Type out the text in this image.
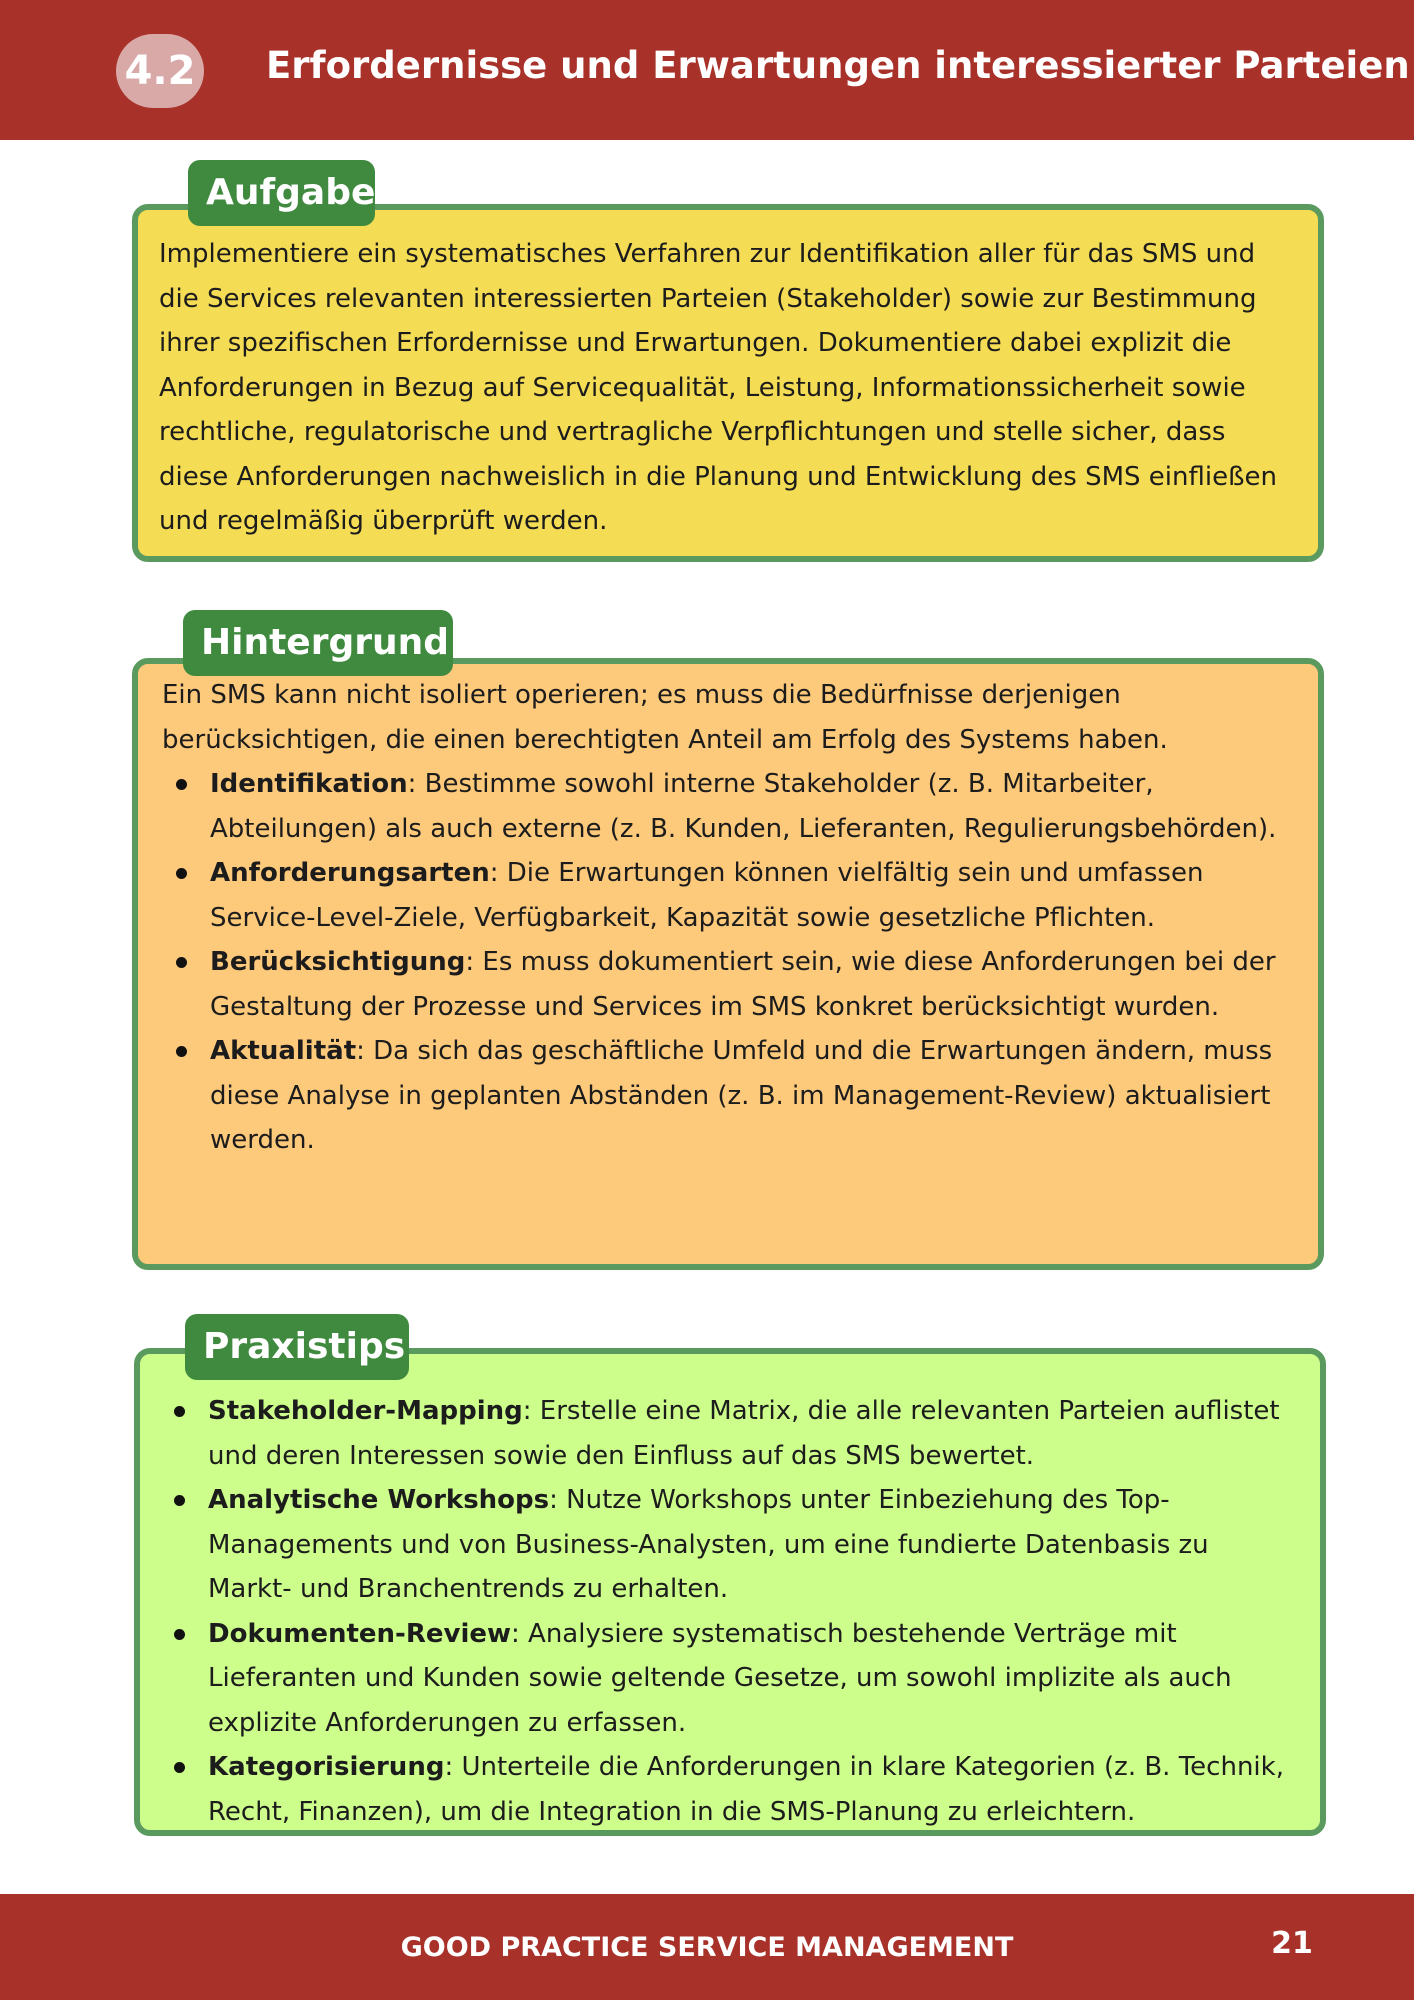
4.2 Erfordernisse und Erwartungen interessierter Parteien
Aufgabe
Implementiere ein systematisches Verfahren zur Identifikation aller für das SMS und die Services relevanten interessierten Parteien (Stakeholder) sowie zur Bestimmung ihrer spezifischen Erfordernisse und Erwartungen. Dokumentiere dabei explizit die Anforderungen in Bezug auf Servicequalität, Leistung, Informationssicherheit sowie rechtliche, regulatorische und vertragliche Verpflichtungen und stelle sicher, dass diese Anforderungen nachweislich in die Planung und Entwicklung des SMS einfließen und regelmäßig überprüft werden.
Hintergrund
Ein SMS kann nicht isoliert operieren; es muss die Bedürfnisse derjenigen berücksichtigen, die einen berechtigten Anteil am Erfolg des Systems haben.
Identifikation: Bestimme sowohl interne Stakeholder (z. B. Mitarbeiter, Abteilungen) als auch externe (z. B. Kunden, Lieferanten, Regulierungsbehörden).
Anforderungsarten: Die Erwartungen können vielfältig sein und umfassen Service-Level-Ziele, Verfügbarkeit, Kapazität sowie gesetzliche Pflichten.
Berücksichtigung: Es muss dokumentiert sein, wie diese Anforderungen bei der Gestaltung der Prozesse und Services im SMS konkret berücksichtigt wurden.
Aktualität: Da sich das geschäftliche Umfeld und die Erwartungen ändern, muss diese Analyse in geplanten Abständen (z. B. im Management-Review) aktualisiert werden.
Praxistips
Stakeholder-Mapping: Erstelle eine Matrix, die alle relevanten Parteien auflistet und deren Interessen sowie den Einfluss auf das SMS bewertet.
Analytische Workshops: Nutze Workshops unter Einbeziehung des Top-Managements und von Business-Analysten, um eine fundierte Datenbasis zu Markt- und Branchentrends zu erhalten.
Dokumenten-Review: Analysiere systematisch bestehende Verträge mit Lieferanten und Kunden sowie geltende Gesetze, um sowohl implizite als auch explizite Anforderungen zu erfassen.
Kategorisierung: Unterteile die Anforderungen in klare Kategorien (z. B. Technik, Recht, Finanzen), um die Integration in die SMS-Planung zu erleichtern.
GOOD PRACTICE SERVICE MANAGEMENT	21
